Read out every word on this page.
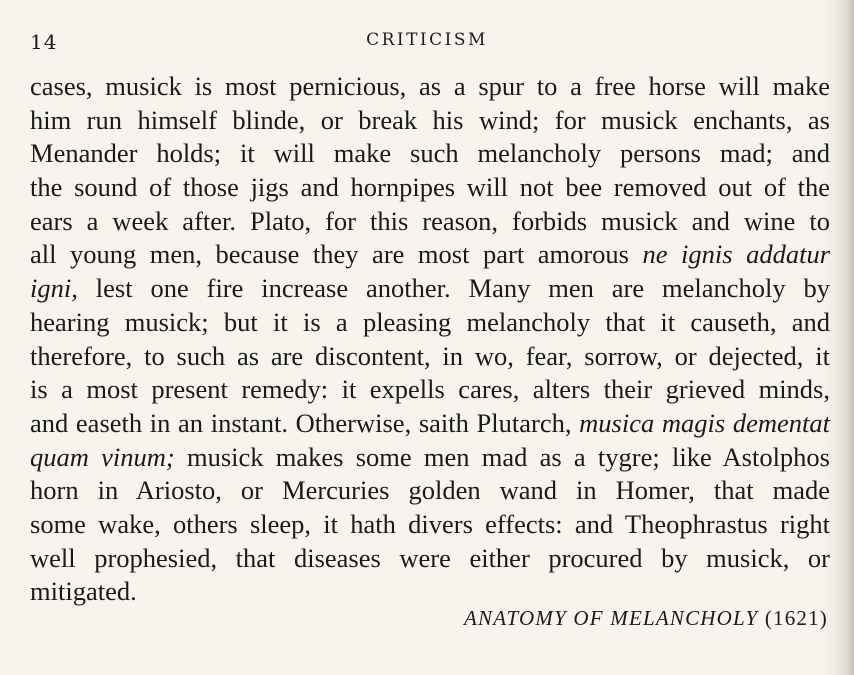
14	CRITICISM
cases, musick is most pernicious, as a spur to a free horse will make
him run himself blinde, or break his wind; for musick enchants, as
Menander holds; it will make such melancholy persons mad; and
the sound of those jigs and hornpipes will not bee removed out of the
ears a week after. Plato, for this reason, forbids musick and wine to
all young men, because they are most part amorous ne ignis addatur
igni, lest one fire increase another. Many men are melancholy by
hearing musick; but it is a pleasing melancholy that it causeth, and
therefore, to such as are discontent, in wo, fear, sorrow, or dejected, it
is a most present remedy: it expells cares, alters their grieved minds,
and easeth in an instant. Otherwise, saith Plutarch, musica magis dementat
quam vinum; musick makes some men mad as a tygre; like Astolphos
horn in Ariosto, or Mercuries golden wand in Homer, that made
some wake, others sleep, it hath divers effects: and Theophrastus right
well prophesied, that diseases were either procured by musick, or
mitigated.
ANATOMY OF MELANCHOLY (1621)
